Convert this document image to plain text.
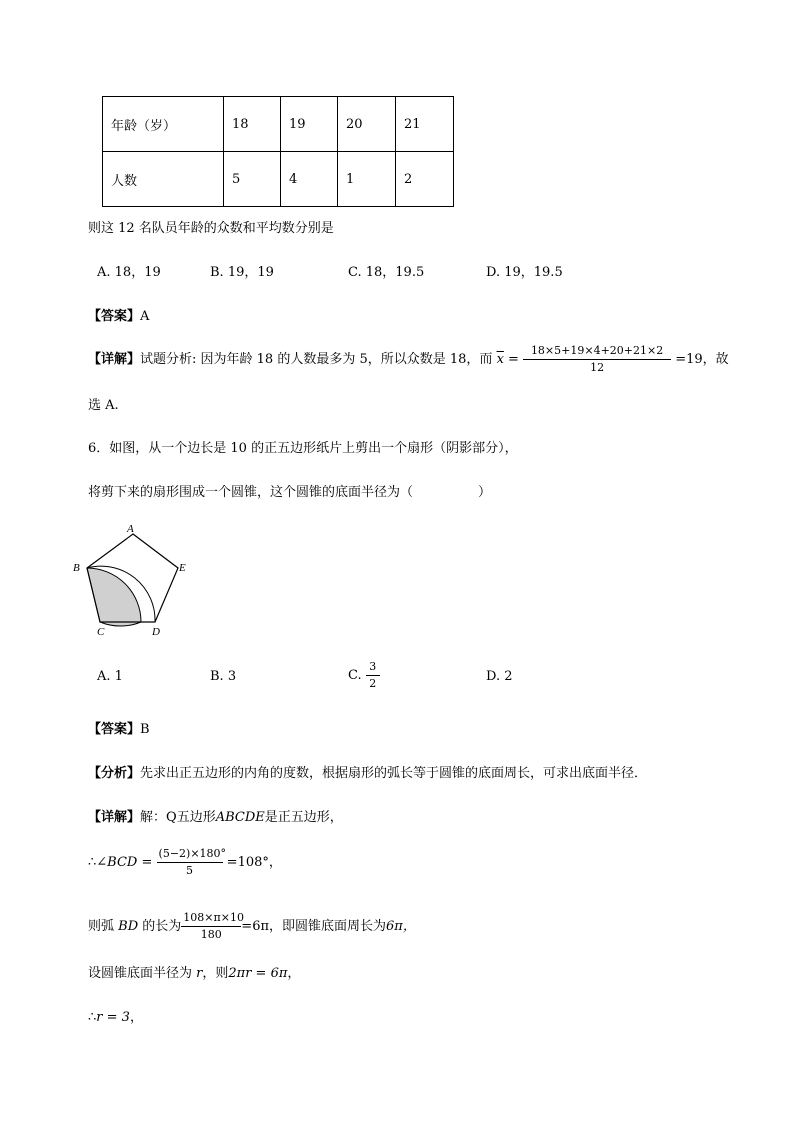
年龄（岁）	18	19	20	21
人数	5	4	1	2
则这 12 名队员年龄的众数和平均数分别是
A. 18，19	B. 19，19	C. 18，19.5	D. 19，19.5
【答案】A
【详解】试题分析: 因为年龄 18 的人数最多为 5，所以众数是 18，而 $\overline{x} = \frac{18\times 5+19\times 4+20+21\times 2}{12} =19$，故
选 A.
6．如图，从一个边长是 10 的正五边形纸片上剪出一个扇形（阴影部分），
将剪下来的扇形围成一个圆锥，这个圆锥的底面半径为（　　　　　）
A
B
C	D
E
A. 1	B. 3	C. $\frac{3}{2}$	D. 2
【答案】B
【分析】先求出正五边形的内角的度数，根据扇形的弧长等于圆锥的底面周长，可求出底面半径．
【详解】解：Q五边形ABCDE是正五边形，
∴∠BCD = $\frac{(5-2)\times 180^\circ}{5} =108^\circ$，
则弧 BD 的长为 $\frac{108\times\pi\times 10}{180} =6\pi$，即圆锥底面周长为6π，
设圆锥底面半径为 r，则2πr = 6π，
∴r = 3，
